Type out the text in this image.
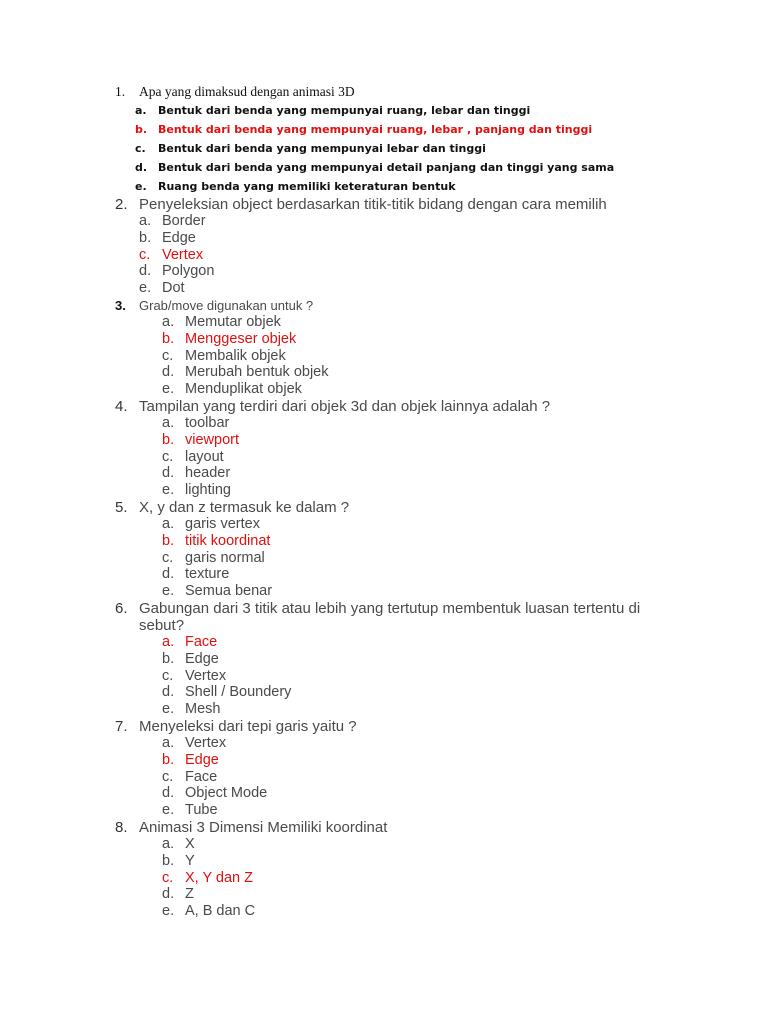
1. Apa yang dimaksud dengan animasi 3D
a. Bentuk dari benda yang mempunyai ruang, lebar dan tinggi
b. Bentuk dari benda yang mempunyai ruang, lebar , panjang dan tinggi
c. Bentuk dari benda yang mempunyai lebar dan tinggi
d. Bentuk dari benda yang mempunyai detail panjang dan tinggi yang sama
e. Ruang benda yang memiliki keteraturan bentuk
2. Penyeleksian object berdasarkan titik-titik bidang dengan cara memilih
a. Border
b. Edge
c. Vertex
d. Polygon
e. Dot
3. Grab/move digunakan untuk ?
a. Memutar objek
b. Menggeser objek
c. Membalik objek
d. Merubah bentuk objek
e. Menduplikat objek
4. Tampilan yang terdiri dari objek 3d dan objek lainnya adalah ?
a. toolbar
b. viewport
c. layout
d. header
e. lighting
5. X, y dan z termasuk ke dalam ?
a. garis vertex
b. titik koordinat
c. garis normal
d. texture
e. Semua benar
6. Gabungan dari 3 titik atau lebih yang tertutup membentuk luasan tertentu di sebut?
a. Face
b. Edge
c. Vertex
d. Shell / Boundery
e. Mesh
7. Menyeleksi dari tepi garis yaitu ?
a. Vertex
b. Edge
c. Face
d. Object Mode
e. Tube
8. Animasi 3 Dimensi Memiliki koordinat
a. X
b. Y
c. X, Y dan Z
d. Z
e. A, B dan C
